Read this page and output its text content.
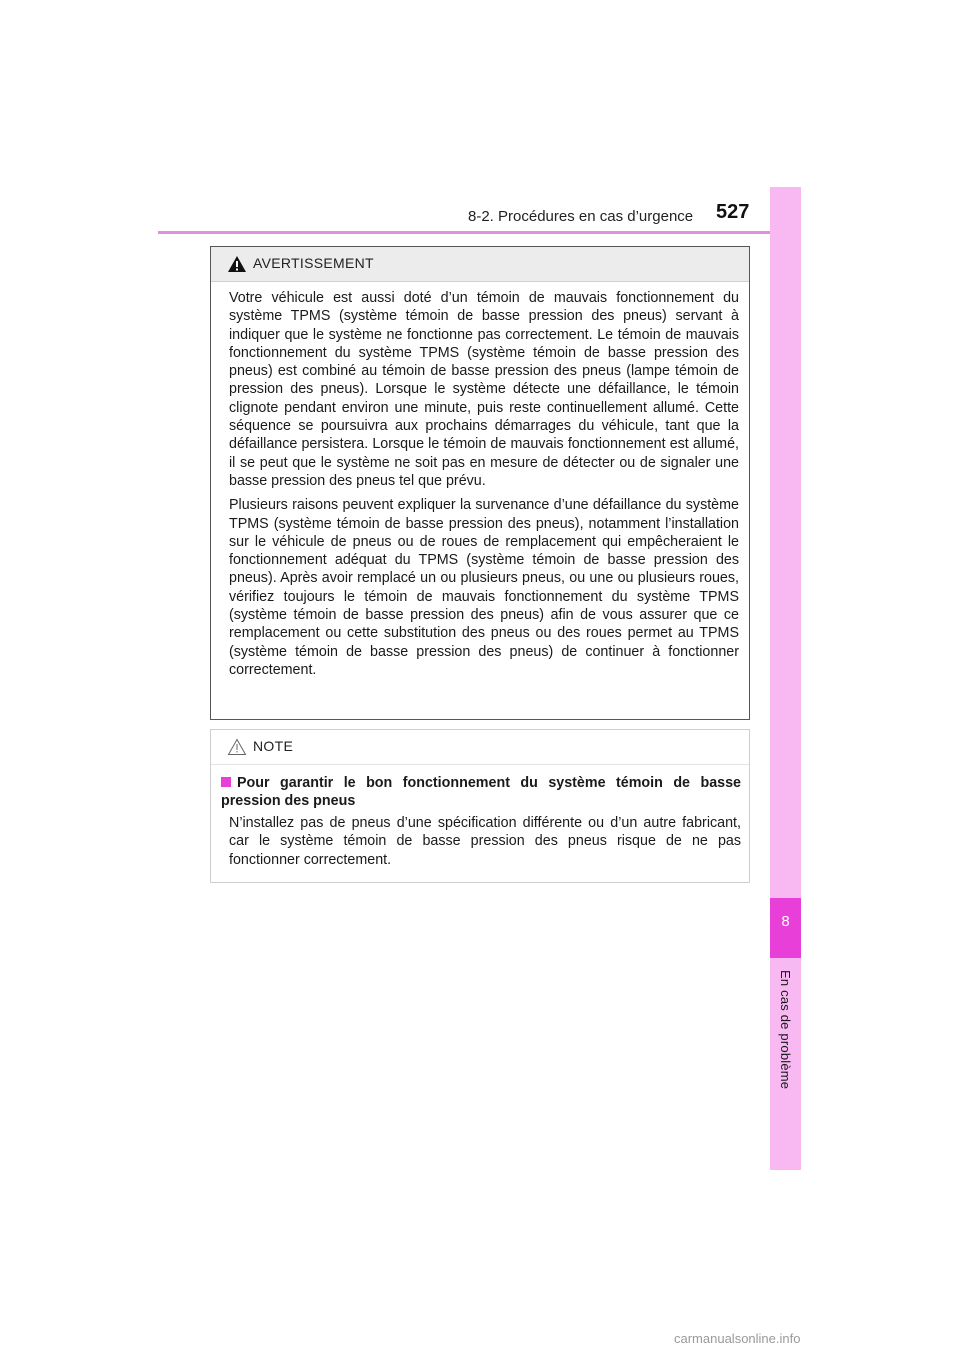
8-2. Procédures en cas d’urgence 527
8
En cas de problème
AVERTISSEMENT

Votre véhicule est aussi doté d’un témoin de mauvais fonctionnement du système TPMS (système témoin de basse pression des pneus) servant à indiquer que le système ne fonctionne pas correctement. Le témoin de mauvais fonctionnement du système TPMS (système témoin de basse pression des pneus) est combiné au témoin de basse pression des pneus (lampe témoin de pression des pneus). Lorsque le système détecte une défaillance, le témoin clignote pendant environ une minute, puis reste continuellement allumé. Cette séquence se poursuivra aux prochains démarrages du véhicule, tant que la défaillance persistera. Lorsque le témoin de mauvais fonctionnement est allumé, il se peut que le système ne soit pas en mesure de détecter ou de signaler une basse pression des pneus tel que prévu.

Plusieurs raisons peuvent expliquer la survenance d’une défaillance du système TPMS (système témoin de basse pression des pneus), notamment l’installation sur le véhicule de pneus ou de roues de remplacement qui empêcheraient le fonctionnement adéquat du TPMS (système témoin de basse pression des pneus). Après avoir remplacé un ou plusieurs pneus, ou une ou plusieurs roues, vérifiez toujours le témoin de mauvais fonctionnement du système TPMS (système témoin de basse pression des pneus) afin de vous assurer que ce remplacement ou cette substitution des pneus ou des roues permet au TPMS (système témoin de basse pression des pneus) de continuer à fonctionner correctement.

NOTE
Pour garantir le bon fonctionnement du système témoin de basse pression des pneus
N’installez pas de pneus d’une spécification différente ou d’un autre fabricant, car le système témoin de basse pression des pneus risque de ne pas fonctionner correctement.
carmanualsonline.info
